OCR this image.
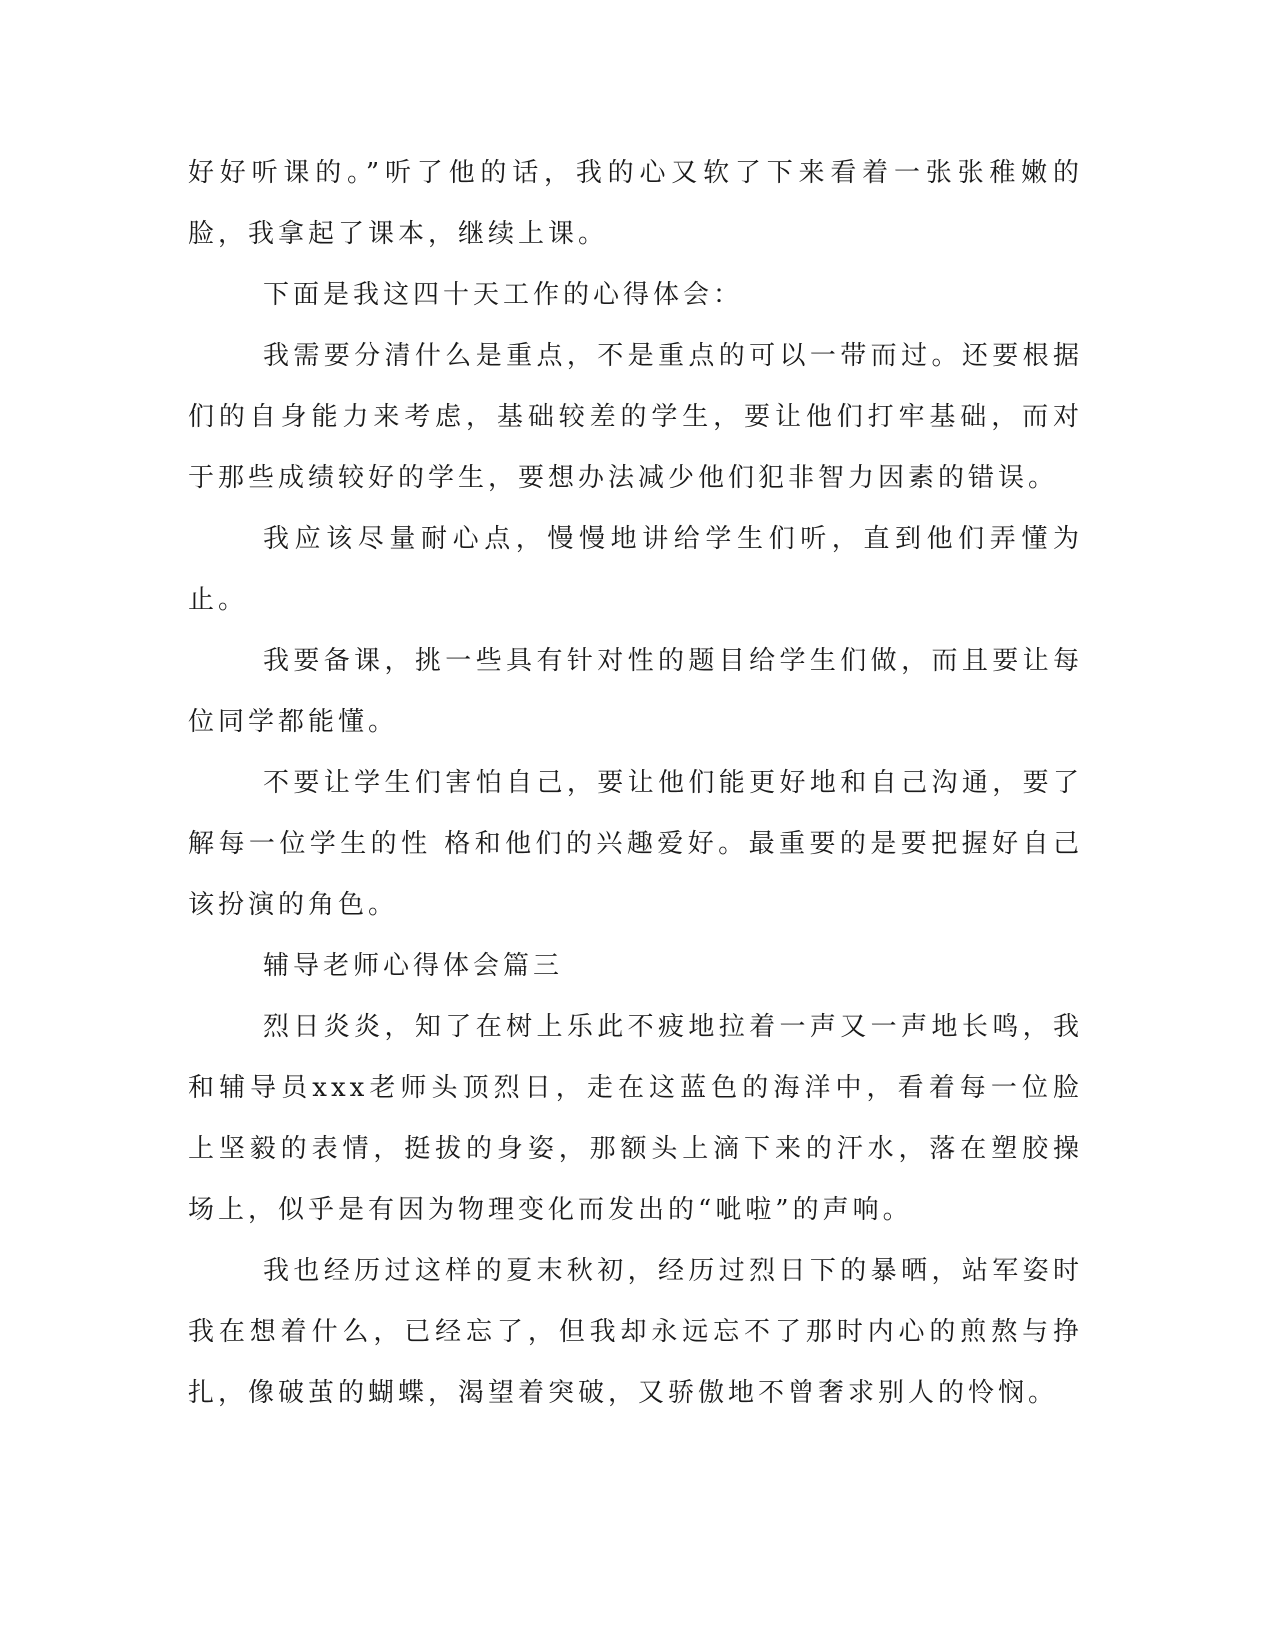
好好听课的。”听了他的话，我的心又软了下来看着一张张稚嫩的脸，我拿起了课本，继续上课。

下面是我这四十天工作的心得体会：

我需要分清什么是重点，不是重点的可以一带而过。还要根据们的自身能力来考虑，基础较差的学生，要让他们打牢基础，而对于那些成绩较好的学生，要想办法减少他们犯非智力因素的错误。

我应该尽量耐心点，慢慢地讲给学生们听，直到他们弄懂为止。

我要备课，挑一些具有针对性的题目给学生们做，而且要让每位同学都能懂。

不要让学生们害怕自己，要让他们能更好地和自己沟通，要了解每一位学生的性 格和他们的兴趣爱好。最重要的是要把握好自己该扮演的角色。

辅导老师心得体会篇三

烈日炎炎，知了在树上乐此不疲地拉着一声又一声地长鸣，我和辅导员xxx老师头顶烈日，走在这蓝色的海洋中，看着每一位脸上坚毅的表情，挺拔的身姿，那额头上滴下来的汗水，落在塑胶操场上，似乎是有因为物理变化而发出的“呲啦”的声响。

我也经历过这样的夏末秋初，经历过烈日下的暴晒，站军姿时我在想着什么，已经忘了，但我却永远忘不了那时内心的煎熬与挣扎，像破茧的蝴蝶，渴望着突破，又骄傲地不曾奢求别人的怜悯。
